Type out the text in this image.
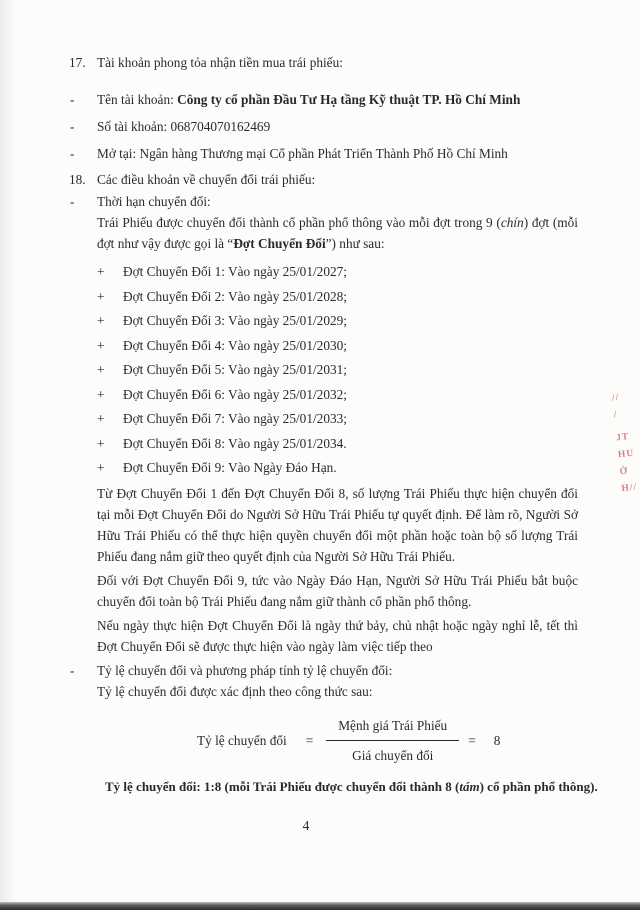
17. Tài khoản phong tỏa nhận tiền mua trái phiếu:
- Tên tài khoản: Công ty cổ phần Đầu Tư Hạ tầng Kỹ thuật TP. Hồ Chí Minh
- Số tài khoản: 068704070162469
- Mở tại: Ngân hàng Thương mại Cổ phần Phát Triển Thành Phố Hồ Chí Minh
18. Các điều khoản về chuyển đổi trái phiếu:
- Thời hạn chuyển đổi:
Trái Phiếu được chuyển đổi thành cổ phần phổ thông vào mỗi đợt trong 9 (chín) đợt (mỗi đợt như vậy được gọi là “Đợt Chuyển Đổi”) như sau:
+	Đợt Chuyển Đổi 1: Vào ngày 25/01/2027;
+	Đợt Chuyển Đổi 2: Vào ngày 25/01/2028;
+	Đợt Chuyển Đổi 3: Vào ngày 25/01/2029;
+	Đợt Chuyển Đổi 4: Vào ngày 25/01/2030;
+	Đợt Chuyển Đổi 5: Vào ngày 25/01/2031;
+	Đợt Chuyển Đổi 6: Vào ngày 25/01/2032;
+	Đợt Chuyển Đổi 7: Vào ngày 25/01/2033;
+	Đợt Chuyển Đổi 8: Vào ngày 25/01/2034.
+	Đợt Chuyển Đổi 9: Vào Ngày Đáo Hạn.
Từ Đợt Chuyển Đổi 1 đến Đợt Chuyển Đổi 8, số lượng Trái Phiếu thực hiện chuyển đổi tại mỗi Đợt Chuyển Đổi do Người Sở Hữu Trái Phiếu tự quyết định. Để làm rõ, Người Sở Hữu Trái Phiếu có thể thực hiện quyền chuyển đổi một phần hoặc toàn bộ số lượng Trái Phiếu đang nắm giữ theo quyết định của Người Sở Hữu Trái Phiếu.
Đối với Đợt Chuyển Đổi 9, tức vào Ngày Đáo Hạn, Người Sở Hữu Trái Phiếu bắt buộc chuyển đổi toàn bộ Trái Phiếu đang nắm giữ thành cổ phần phổ thông.
Nếu ngày thực hiện Đợt Chuyển Đổi là ngày thứ bảy, chủ nhật hoặc ngày nghỉ lễ, tết thì Đợt Chuyển Đổi sẽ được thực hiện vào ngày làm việc tiếp theo
- Tỷ lệ chuyển đổi và phương pháp tính tỷ lệ chuyển đổi:
Tỷ lệ chuyển đổi được xác định theo công thức sau:
Tỷ lệ chuyển đổi = $\frac{\text{Mệnh giá Trái Phiếu}}{\text{Giá chuyển đổi}} = 8$
Tỷ lệ chuyển đổi: 1:8 (mỗi Trái Phiếu được chuyển đổi thành 8 (tám) cổ phần phổ thông).
//
/
JT
HU
Ở
H//
4
